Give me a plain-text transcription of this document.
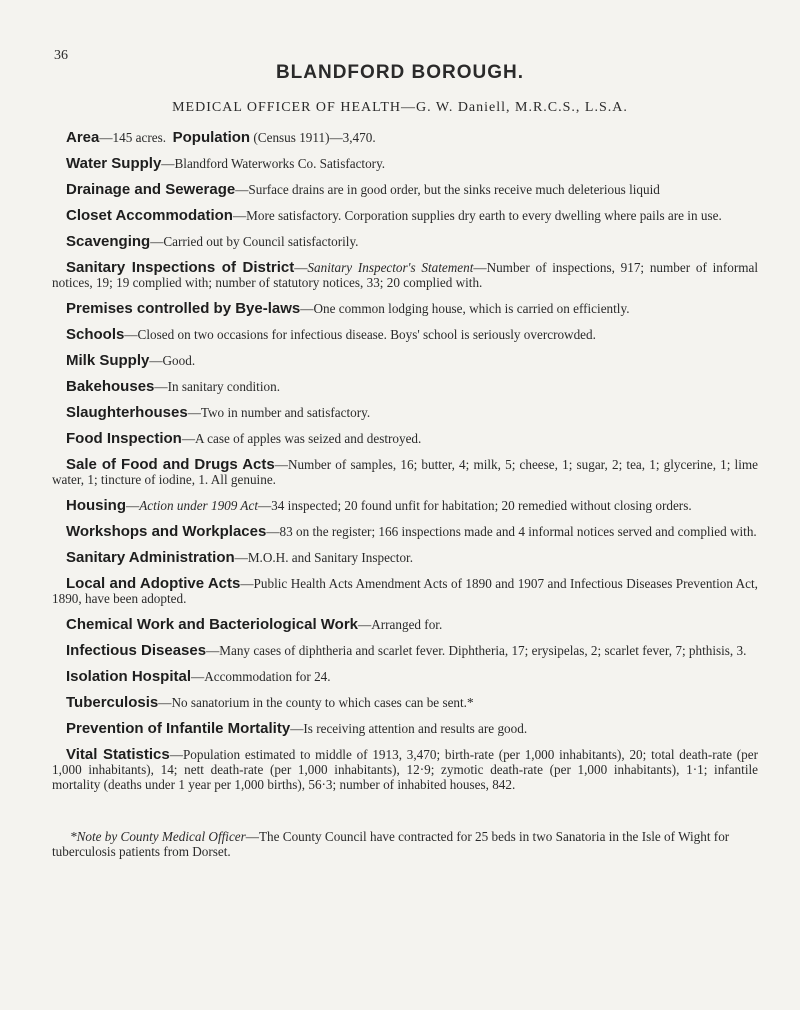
36
BLANDFORD BOROUGH.
MEDICAL OFFICER OF HEALTH—G. W. Daniell, M.R.C.S., L.S.A.

Area—145 acres. Population (Census 1911)—3,470.

Water Supply—Blandford Waterworks Co. Satisfactory.

Drainage and Sewerage—Surface drains are in good order, but the sinks receive much deleterious liquid

Closet Accommodation—More satisfactory. Corporation supplies dry earth to every dwelling where pails are in use.

Scavenging—Carried out by Council satisfactorily.

Sanitary Inspections of District—Sanitary Inspector's Statement—Number of inspections, 917; number of informal notices, 19; 19 complied with; number of statutory notices, 33; 20 complied with.

Premises controlled by Bye-laws—One common lodging house, which is carried on efficiently.

Schools—Closed on two occasions for infectious disease. Boys' school is seriously overcrowded.

Milk Supply—Good.

Bakehouses—In sanitary condition.

Slaughterhouses—Two in number and satisfactory.

Food Inspection—A case of apples was seized and destroyed.

Sale of Food and Drugs Acts—Number of samples, 16; butter, 4; milk, 5; cheese, 1; sugar, 2; tea, 1; glycerine, 1; lime water, 1; tincture of iodine, 1. All genuine.

Housing—Action under 1909 Act—34 inspected; 20 found unfit for habitation; 20 remedied without closing orders.

Workshops and Workplaces—83 on the register; 166 inspections made and 4 informal notices served and complied with.

Sanitary Administration—M.O.H. and Sanitary Inspector.

Local and Adoptive Acts—Public Health Acts Amendment Acts of 1890 and 1907 and Infectious Diseases Prevention Act, 1890, have been adopted.

Chemical Work and Bacteriological Work—Arranged for.

Infectious Diseases—Many cases of diphtheria and scarlet fever. Diphtheria, 17; erysipelas, 2; scarlet fever, 7; phthisis, 3.

Isolation Hospital—Accommodation for 24.

Tuberculosis—No sanatorium in the county to which cases can be sent.*

Prevention of Infantile Mortality—Is receiving attention and results are good.

Vital Statistics—Population estimated to middle of 1913, 3,470; birth-rate (per 1,000 inhabitants), 20; total death-rate (per 1,000 inhabitants), 14; nett death-rate (per 1,000 inhabitants), 12·9; zymotic death-rate (per 1,000 inhabitants), 1·1; infantile mortality (deaths under 1 year per 1,000 births), 56·3; number of inhabited houses, 842.

*Note by County Medical Officer—The County Council have contracted for 25 beds in two Sanatoria in the Isle of Wight for tuberculosis patients from Dorset.
